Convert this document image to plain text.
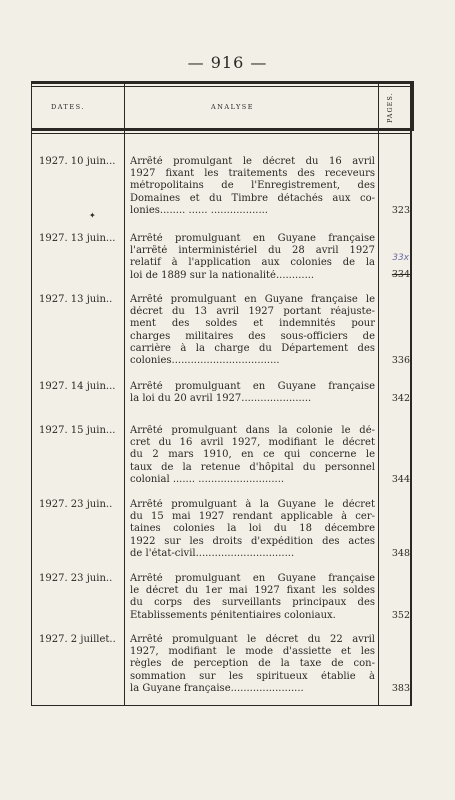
— 916 —
DATES.	ANALYSE	PAGES.
1927. 10 juin...	Arrêté promulgant le décret du 16 avril
1927 fixant les traitements des receveurs
métropolitains de l'Enregistrement, des
Domaines et du Timbre détachés aux co-
lonies........ ...... ..................	323
✦
1927. 13 juin...	Arrêté promulguant en Guyane française
l'arrêté interministériel du 28 avril 1927
relatif à l'application aux colonies de la
loi de 1889 sur la nationalité............
33x
334
1927. 13 juin..	Arrêté promulguant en Guyane française le
décret du 13 avril 1927 portant réajuste-
ment des soldes et indemnités pour
charges militaires des sous-officiers de
carrière à la charge du Département des
colonies..................................	336
1927. 14 juin...	Arrêté promulguant en Guyane française
la loi du 20 avril 1927......................	342
1927. 15 juin...	Arrêté promulguant dans la colonie le dé-
cret du 16 avril 1927, modifiant le décret
du 2 mars 1910, en ce qui concerne le
taux de la retenue d'hôpital du personnel
colonial ....... ...........................	344
1927. 23 juin..	Arrêté promulguant à la Guyane le décret
du 15 mai 1927 rendant applicable à cer-
taines colonies la loi du 18 décembre
1922 sur les droits d'expédition des actes
de l'état-civil...............................	348
1927. 23 juin..	Arrêté promulguant en Guyane française
le décret du 1er mai 1927 fixant les soldes
du corps des surveillants principaux des
Etablissements pénitentiaires coloniaux.	352
1927. 2 juillet..	Arrêté promulguant le décret du 22 avril
1927, modifiant le mode d'assiette et les
règles de perception de la taxe de con-
sommation sur les spiritueux établie à
la Guyane française.......................	383
